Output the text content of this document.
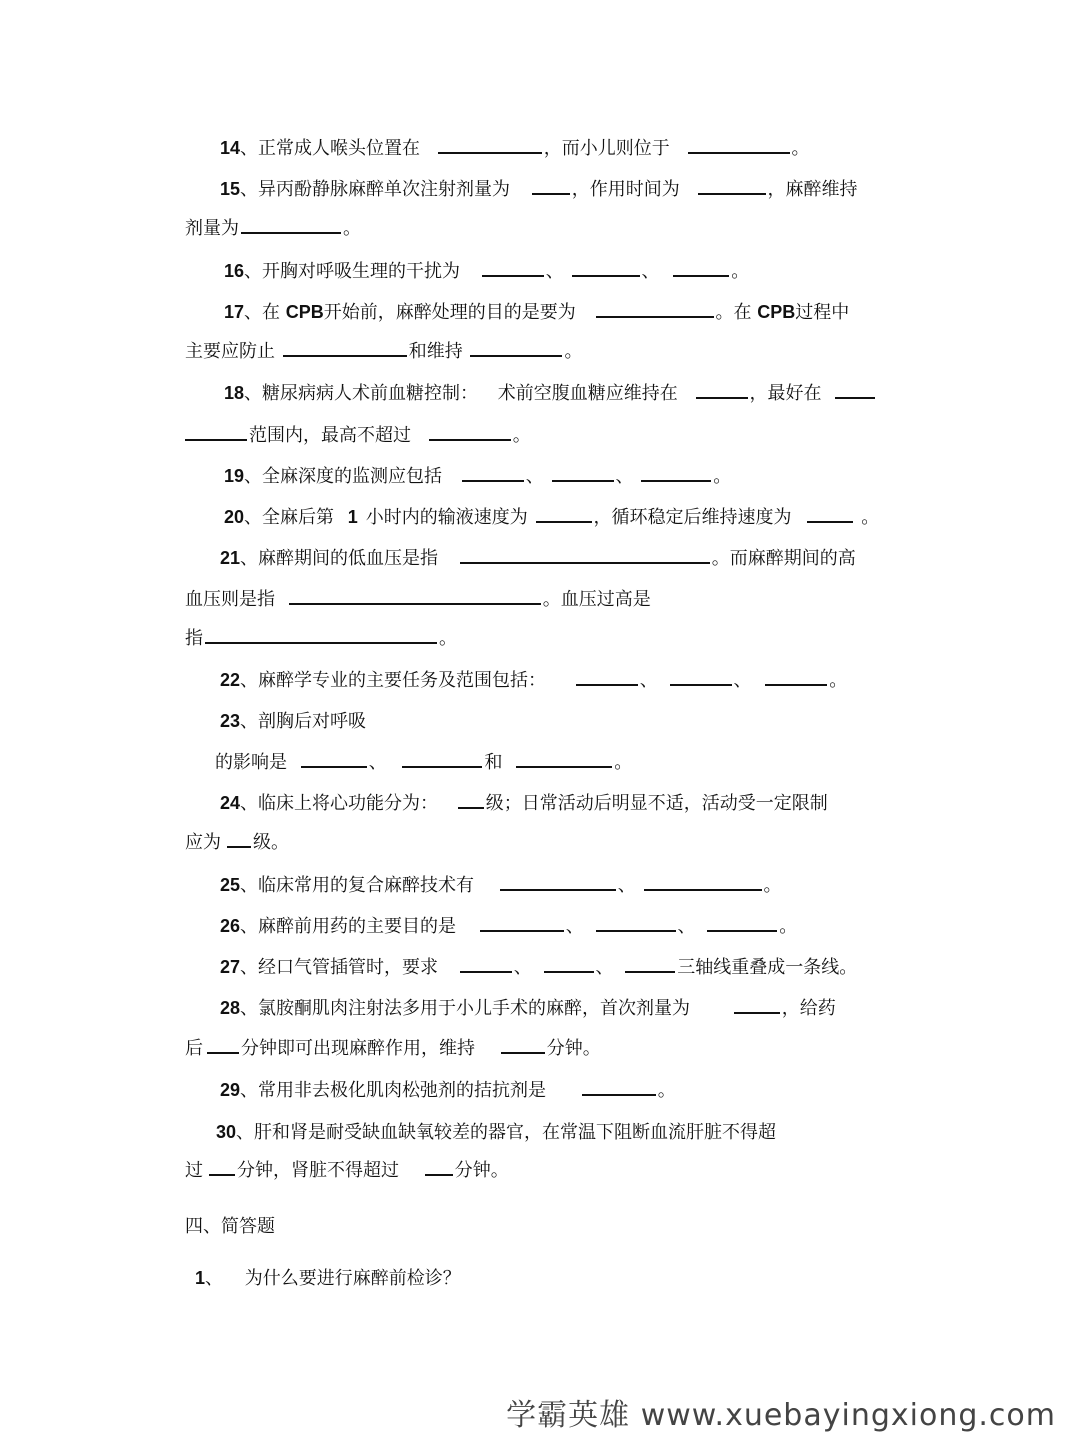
14、正常成人喉头位置在	，而小儿则位于	。
15、异丙酚静脉麻醉单次注射剂量为	，作用时间为	，麻醉维持
剂量为	。
16、开胸对呼吸生理的干扰为	、	、	。
17、在 CPB开始前，麻醉处理的目的是要为	。在 CPB过程中
主要应防止	和维持	。
18、糖尿病病人术前血糖控制： 术前空腹血糖应维持在	，最好在
范围内，最高不超过	。
19、全麻深度的监测应包括	、	、	。
20、全麻后第 1 小时内的输液速度为	，循环稳定后维持速度为	。
21、麻醉期间的低血压是指	。而麻醉期间的高
血压则是指	。血压过高是
指	。
22、麻醉学专业的主要任务及范围包括：	、	、	。
23、剖胸后对呼吸
的影响是	、	和	。
24、临床上将心功能分为：	级；日常活动后明显不适，活动受一定限制
应为 级。
25、临床常用的复合麻醉技术有	、	。
26、麻醉前用药的主要目的是	、	、	。
27、经口气管插管时，要求	、	、	三轴线重叠成一条线。
28、氯胺酮肌肉注射法多用于小儿手术的麻醉，首次剂量为	，给药
后 分钟即可出现麻醉作用，维持	分钟。
29、常用非去极化肌肉松弛剂的拮抗剂是	。
30、肝和肾是耐受缺血缺氧较差的器官，在常温下阻断血流肝脏不得超
过 分钟，肾脏不得超过	分钟。
四、简答题
1、 为什么要进行麻醉前检诊？
学霸英雄 www.xuebayingxiong.com
